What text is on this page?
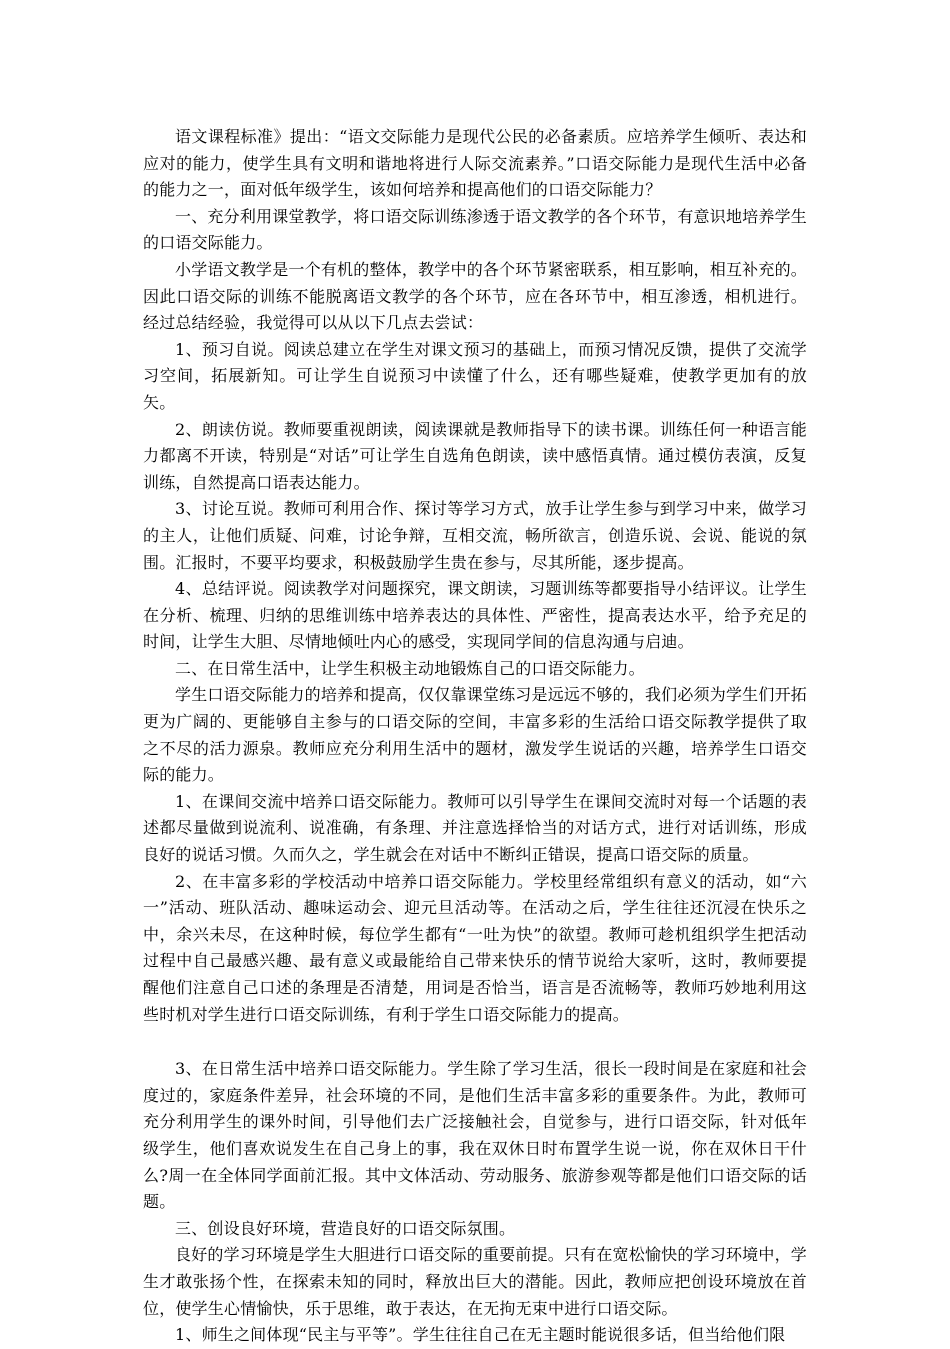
语文课程标准》提出：“语文交际能力是现代公民的必备素质。应培养学生倾听、表达和应对的能力，使学生具有文明和谐地将进行人际交流素养。”口语交际能力是现代生活中必备的能力之一，面对低年级学生，该如何培养和提高他们的口语交际能力？

一、充分利用课堂教学，将口语交际训练渗透于语文教学的各个环节，有意识地培养学生的口语交际能力。

小学语文教学是一个有机的整体，教学中的各个环节紧密联系，相互影响，相互补充的。因此口语交际的训练不能脱离语文教学的各个环节，应在各环节中，相互渗透，相机进行。经过总结经验，我觉得可以从以下几点去尝试：

1、预习自说。阅读总建立在学生对课文预习的基础上，而预习情况反馈，提供了交流学习空间，拓展新知。可让学生自说预习中读懂了什么，还有哪些疑难，使教学更加有的放矢。

2、朗读仿说。教师要重视朗读，阅读课就是教师指导下的读书课。训练任何一种语言能力都离不开读，特别是“对话”可让学生自选角色朗读，读中感悟真情。通过模仿表演，反复训练，自然提高口语表达能力。

3、讨论互说。教师可利用合作、探讨等学习方式，放手让学生参与到学习中来，做学习的主人，让他们质疑、问难，讨论争辩，互相交流，畅所欲言，创造乐说、会说、能说的氛围。汇报时，不要平均要求，积极鼓励学生贵在参与，尽其所能，逐步提高。

4、总结评说。阅读教学对问题探究，课文朗读，习题训练等都要指导小结评议。让学生在分析、梳理、归纳的思维训练中培养表达的具体性、严密性，提高表达水平，给予充足的时间，让学生大胆、尽情地倾吐内心的感受，实现同学间的信息沟通与启迪。

二、在日常生活中，让学生积极主动地锻炼自己的口语交际能力。

学生口语交际能力的培养和提高，仅仅靠课堂练习是远远不够的，我们必须为学生们开拓更为广阔的、更能够自主参与的口语交际的空间，丰富多彩的生活给口语交际教学提供了取之不尽的活力源泉。教师应充分利用生活中的题材，激发学生说话的兴趣，培养学生口语交际的能力。

1、在课间交流中培养口语交际能力。教师可以引导学生在课间交流时对每一个话题的表述都尽量做到说流利、说准确，有条理、并注意选择恰当的对话方式，进行对话训练，形成良好的说话习惯。久而久之，学生就会在对话中不断纠正错误，提高口语交际的质量。

2、在丰富多彩的学校活动中培养口语交际能力。学校里经常组织有意义的活动，如“六一”活动、班队活动、趣味运动会、迎元旦活动等。在活动之后，学生往往还沉浸在快乐之中，余兴未尽，在这种时候，每位学生都有“一吐为快”的欲望。教师可趁机组织学生把活动过程中自己最感兴趣、最有意义或最能给自己带来快乐的情节说给大家听，这时，教师要提醒他们注意自己口述的条理是否清楚，用词是否恰当，语言是否流畅等，教师巧妙地利用这些时机对学生进行口语交际训练，有利于学生口语交际能力的提高。

3、在日常生活中培养口语交际能力。学生除了学习生活，很长一段时间是在家庭和社会度过的，家庭条件差异，社会环境的不同，是他们生活丰富多彩的重要条件。为此，教师可充分利用学生的课外时间，引导他们去广泛接触社会，自觉参与，进行口语交际，针对低年级学生，他们喜欢说发生在自己身上的事，我在双休日时布置学生说一说，你在双休日干什么?周一在全体同学面前汇报。其中文体活动、劳动服务、旅游参观等都是他们口语交际的话题。

三、创设良好环境，营造良好的口语交际氛围。

良好的学习环境是学生大胆进行口语交际的重要前提。只有在宽松愉快的学习环境中，学生才敢张扬个性，在探索未知的同时，释放出巨大的潜能。因此，教师应把创设环境放在首位，使学生心情愉快，乐于思维，敢于表达，在无拘无束中进行口语交际。

1、师生之间体现“民主与平等”。学生往往自己在无主题时能说很多话，但当给他们限
